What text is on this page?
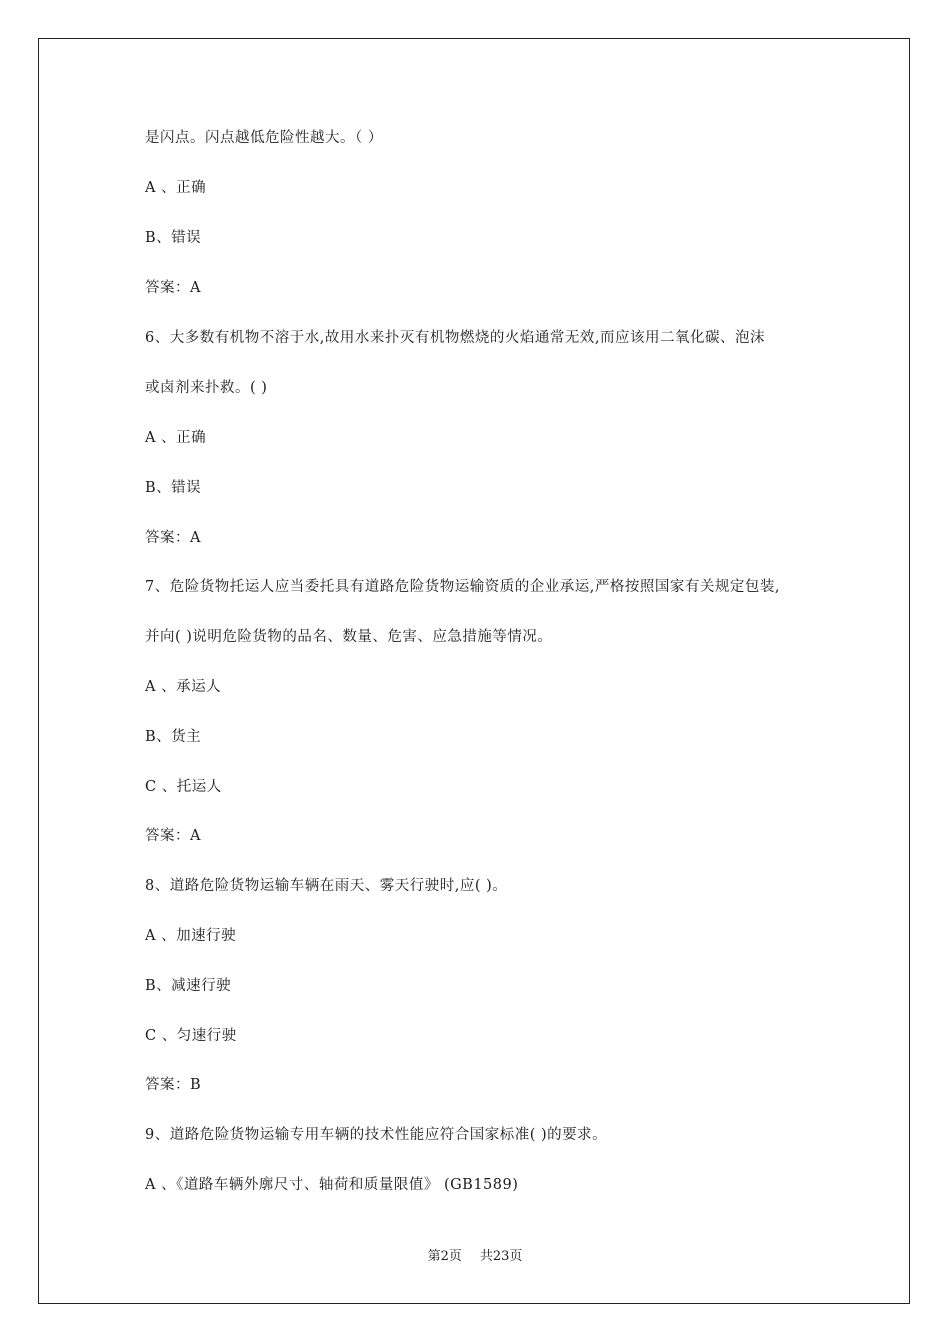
是闪点。闪点越低危险性越大。（ ）
A 、正确
B、错误
答案：A
6、大多数有机物不溶于水,故用水来扑灭有机物燃烧的火焰通常无效,而应该用二氧化碳、泡沫
或卤剂来扑救。( )
A 、正确
B、错误
答案：A
7、危险货物托运人应当委托具有道路危险货物运输资质的企业承运,严格按照国家有关规定包装,
并向( )说明危险货物的品名、数量、危害、应急措施等情况。
A 、承运人
B、货主
C 、托运人
答案：A
8、道路危险货物运输车辆在雨天、雾天行驶时,应( )。
A 、加速行驶
B、减速行驶
C 、匀速行驶
答案：B
9、道路危险货物运输专用车辆的技术性能应符合国家标准( )的要求。
A 、《道路车辆外廓尺寸、轴荷和质量限值》 (GB1589)
第2页 共23页
